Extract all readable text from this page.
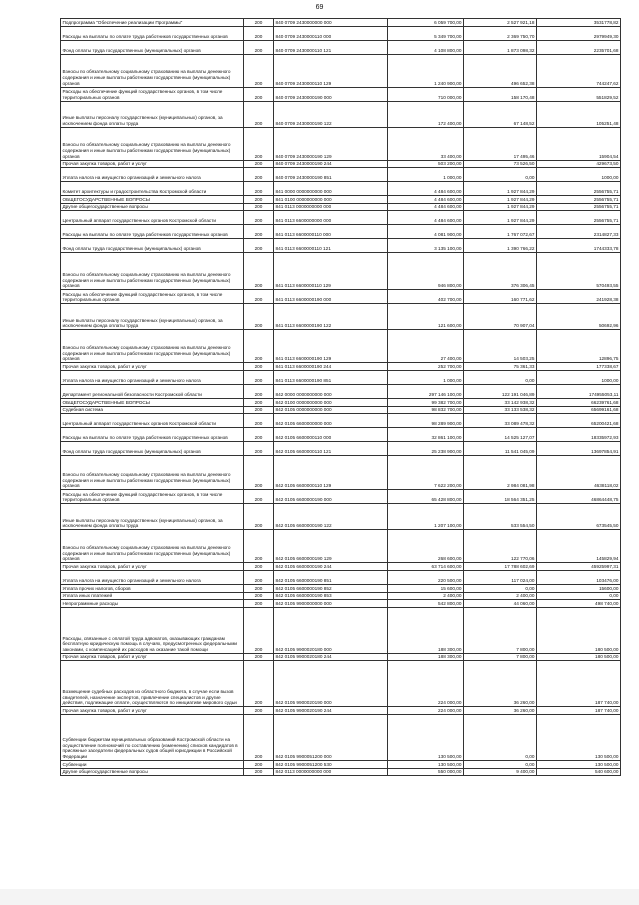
69
Подпрограмма "Обеспечение реализации Программы"	200	840 0709 2430000000 000	6 059 700,00	2 527 921,18	3531778,82
Расходы на выплаты по оплате труда работников государственных органов	200	840 0709 2430000110 000	5 349 700,00	2 369 750,70	2979949,30
Фонд оплаты труда государственных (муниципальных) органов	200	840 0709 2430000110 121	4 108 800,00	1 873 098,32	2235701,68
Взносы по обязательному социальному страхованию на выплаты денежного содержания и иные выплаты работникам государственных (муниципальных) органов	200	840 0709 2430000110 129	1 240 900,00	496 652,38	744247,62
Расходы на обеспечение функций государственных органов, в том числе территориальных органов	200	840 0709 2430000190 000	710 000,00	158 170,48	551829,52
Иные выплаты персоналу государственных (муниципальных) органов, за исключением фонда оплаты труда	200	840 0709 2430000190 122	172 400,00	67 148,52	105251,48
Взносы по обязательному социальному страхованию на выплаты денежного содержания и иные выплаты работникам государственных (муниципальных) органов	200	840 0709 2430000190 129	33 400,00	17 495,46	15904,54
Прочая закупка товаров, работ и услуг	200	840 0709 2430000190 244	503 200,00	73 526,50	429673,50
Уплата налога на имущество организаций и земельного налога	200	840 0709 2430000190 851	1 000,00	0,00	1000,00
Комитет архитектуры и градостроительства Костромской области	200	841 0000 0000000000 000	4 484 600,00	1 927 844,29	2556755,71
ОБЩЕГОСУДАРСТВЕННЫЕ ВОПРОСЫ	200	841 0100 0000000000 000	4 484 600,00	1 927 844,29	2556755,71
Другие общегосударственные вопросы	200	841 0113 0000000000 000	4 484 600,00	1 927 844,29	2556755,71
Центральный аппарат государственных органов Костромской области	200	841 0113 6600000000 000	4 484 600,00	1 927 844,29	2556755,71
Расходы на выплаты по оплате труда работников государственных органов	200	841 0113 6600000110 000	4 081 900,00	1 767 072,67	2314827,33
Фонд оплаты труда государственных (муниципальных) органов	200	841 0113 6600000110 121	3 135 100,00	1 390 766,22	1744333,78
Взносы по обязательному социальному страхованию на выплаты денежного содержания и иные выплаты работникам государственных (муниципальных) органов	200	841 0113 6600000110 129	946 800,00	376 306,45	570493,55
Расходы на обеспечение функций государственных органов, в том числе территориальных органов	200	841 0113 6600000190 000	402 700,00	160 771,62	241928,38
Иные выплаты персоналу государственных (муниципальных) органов, за исключением фонда оплаты труда	200	841 0113 6600000190 122	121 600,00	70 907,04	50692,96
Взносы по обязательному социальному страхованию на выплаты денежного содержания и иные выплаты работникам государственных (муниципальных) органов	200	841 0113 6600000190 129	27 400,00	14 503,25	12896,75
Прочая закупка товаров, работ и услуг	200	841 0113 6600000190 244	252 700,00	75 361,33	177338,67
Уплата налога на имущество организаций и земельного налога	200	841 0113 6600000190 851	1 000,00	0,00	1000,00
Департамент региональной безопасности Костромской области	200	842 0000 0000000000 000	297 146 100,00	122 191 046,89	174955053,11
ОБЩЕГОСУДАРСТВЕННЫЕ ВОПРОСЫ	200	842 0100 0000000000 000	99 382 700,00	33 142 938,32	66239761,68
Судебная система	200	842 0105 0000000000 000	98 832 700,00	33 133 538,32	65699161,68
Центральный аппарат государственных органов Костромской области	200	842 0105 6600000000 000	98 289 900,00	33 089 478,32	65200421,68
Расходы на выплаты по оплате труда работников государственных органов	200	842 0105 6600000110 000	32 861 100,00	14 525 127,07	18335972,93
Фонд оплаты труда государственных (муниципальных) органов	200	842 0105 6600000110 121	25 238 900,00	11 541 045,09	13697854,91
Взносы по обязательному социальному страхованию на выплаты денежного содержания и иные выплаты работникам государственных (муниципальных) органов	200	842 0105 6600000110 129	7 622 200,00	2 984 081,98	4638118,02
Расходы на обеспечение функций государственных органов, в том числе территориальных органов	200	842 0105 6600000190 000	65 428 800,00	18 564 351,25	46864448,75
Иные выплаты персоналу государственных (муниципальных) органов, за исключением фонда оплаты труда	200	842 0105 6600000190 122	1 207 100,00	533 554,50	673545,50
Взносы по обязательному социальному страхованию на выплаты денежного содержания и иные выплаты работникам государственных (муниципальных) органов	200	842 0105 6600000190 129	268 600,00	122 770,06	145829,94
Прочая закупка товаров, работ и услуг	200	842 0105 6600000190 244	63 714 600,00	17 788 602,69	45925997,31
Уплата налога на имущество организаций и земельного налога	200	842 0105 6600000190 851	220 500,00	117 024,00	103476,00
Уплата прочих налогов, сборов	200	842 0105 6600000190 852	15 600,00	0,00	15600,00
Уплата иных платежей	200	842 0105 6600000190 853	2 400,00	2 400,00	0,00
Непрограммные расходы	200	842 0105 9900000000 000	542 800,00	44 060,00	498 740,00
Расходы, связанные с оплатой труда адвокатов, оказывающих гражданам бесплатную юридическую помощь в случаях, предусмотренных федеральными законами, с компенсацией их расходов на оказание такой помощи	200	842 0105 9900020180 000	188 300,00	7 800,00	180 500,00
Прочая закупка товаров, работ и услуг	200	842 0105 9900020180 244	188 300,00	7 800,00	180 500,00
Возмещение судебных расходов из областного бюджета, в случае если вызов свидетелей, назначение экспертов, привлечение специалистов и другие действия, подлежащие оплате, осуществляются по инициативе мирового судьи	200	842 0105 9900020190 000	224 000,00	36 260,00	187 740,00
Прочая закупка товаров, работ и услуг	200	842 0105 9900020190 244	224 000,00	36 260,00	187 740,00
Субвенции бюджетам муниципальных образований Костромской области на осуществление полномочий по составлению (изменению) списков кандидатов в присяжные заседатели федеральных судов общей юрисдикции в Российской Федерации	200	842 0105 9900051200 000	130 500,00	0,00	130 500,00
Субвенции	200	842 0105 9900051200 530	130 500,00	0,00	130 500,00
Другие общегосударственные вопросы	200	842 0113 0000000000 000	550 000,00	9 400,00	540 600,00
